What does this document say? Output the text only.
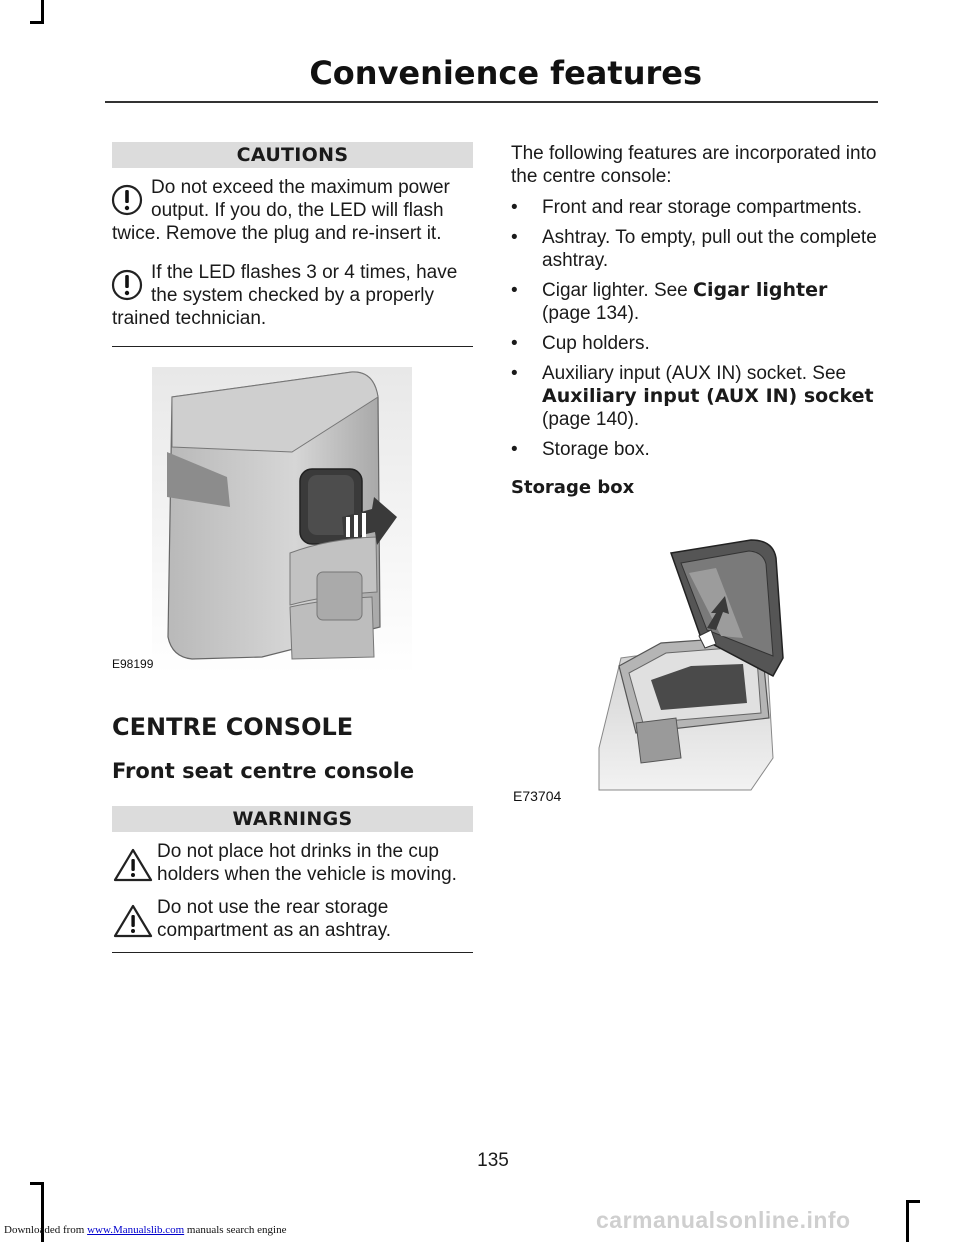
Convenience features
CAUTIONS
Do not exceed the maximum power output. If you do, the LED will flash twice. Remove the plug and re-insert it.
If the LED flashes 3 or 4 times, have the system checked by a properly trained technician.
E98199
CENTRE CONSOLE
Front seat centre console
WARNINGS
Do not place hot drinks in the cup holders when the vehicle is moving.
Do not use the rear storage compartment as an ashtray.
The following features are incorporated into the centre console:
• Front and rear storage compartments.
• Ashtray. To empty, pull out the complete ashtray.
• Cigar lighter. See Cigar lighter (page 134).
• Cup holders.
• Auxiliary input (AUX IN) socket. See Auxiliary input (AUX IN) socket (page 140).
• Storage box.
Storage box
E73704
135
Downloaded from www.Manualslib.com manuals search engine	carmanualsonline.info
